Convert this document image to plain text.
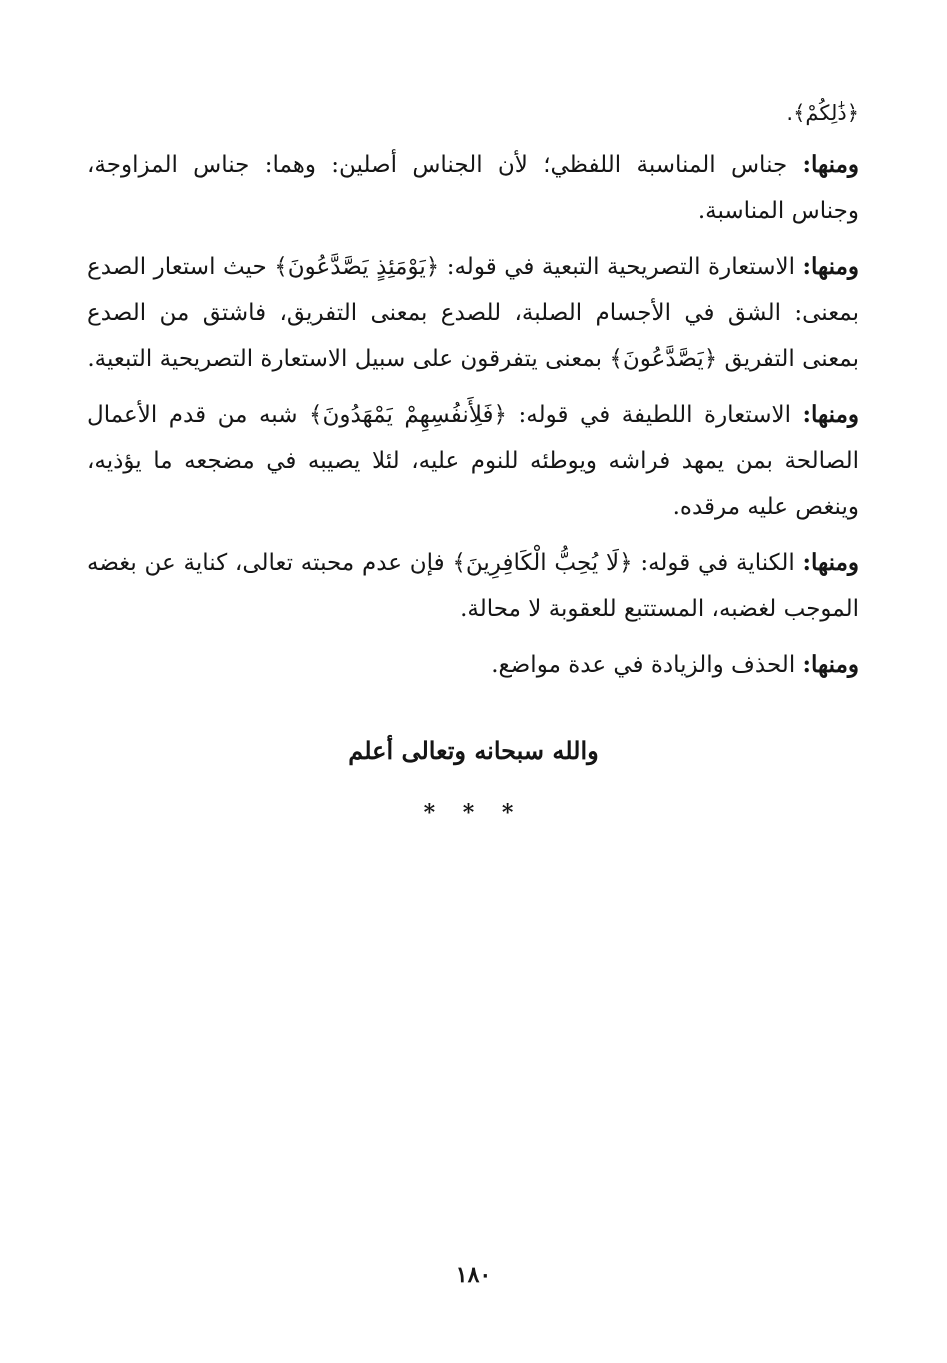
﴿ذَٰلِكُمْ﴾.

ومنها: جناس المناسبة اللفظي؛ لأن الجناس أصلين: وهما: جناس المزاوجة، وجناس المناسبة.

ومنها: الاستعارة التصريحية التبعية في قوله: ﴿يَوْمَئِذٍ يَصَّدَّعُونَ﴾ حيث استعار الصدع بمعنى: الشق في الأجسام الصلبة، للصدع بمعنى التفريق، فاشتق من الصدع بمعنى التفريق ﴿يَصَّدَّعُونَ﴾ بمعنى يتفرقون على سبيل الاستعارة التصريحية التبعية.

ومنها: الاستعارة اللطيفة في قوله: ﴿فَلِأَنفُسِهِمْ يَمْهَدُونَ﴾ شبه من قدم الأعمال الصالحة بمن يمهد فراشه ويوطئه للنوم عليه، لئلا يصيبه في مضجعه ما يؤذيه، وينغص عليه مرقده.

ومنها: الكناية في قوله: ﴿لَا يُحِبُّ الْكَافِرِينَ﴾ فإن عدم محبته تعالى، كناية عن بغضه الموجب لغضبه، المستتبع للعقوبة لا محالة.

ومنها: الحذف والزيادة في عدة مواضع.

والله سبحانه وتعالى أعلم
* * *
١٨٠
